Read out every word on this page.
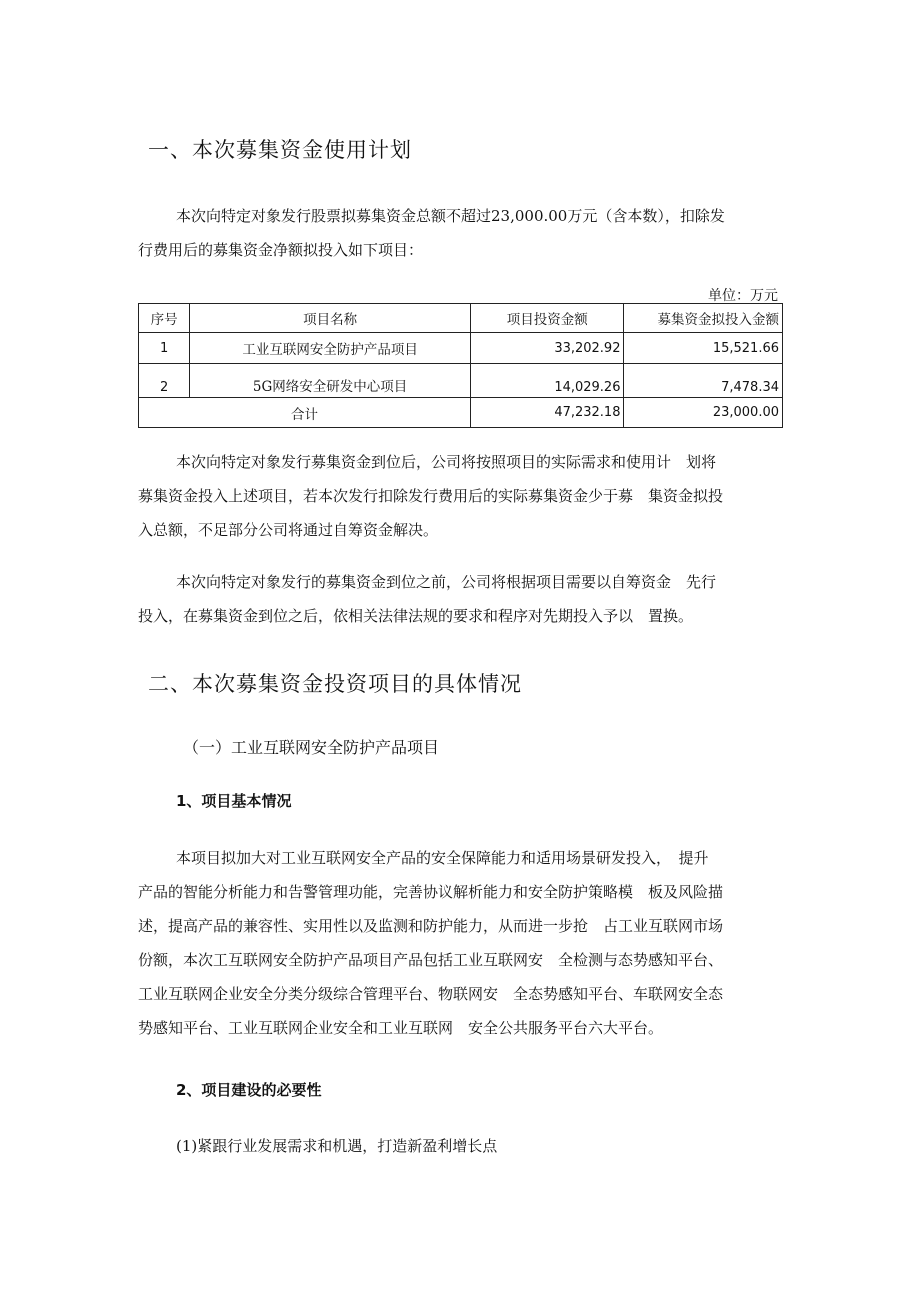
一、本次募集资金使用计划
本次向特定对象发行股票拟募集资金总额不超过23,000.00万元（含本数），扣除发
行费用后的募集资金净额拟投入如下项目：
单位：万元
序号	项目名称	项目投资金额	募集资金拟投入金额
1	工业互联网安全防护产品项目	33,202.92	15,521.66
2	5G网络安全研发中心项目	14,029.26	7,478.34
合计		47,232.18	23,000.00
本次向特定对象发行募集资金到位后，公司将按照项目的实际需求和使用计　划将
募集资金投入上述项目，若本次发行扣除发行费用后的实际募集资金少于募　集资金拟投
入总额，不足部分公司将通过自筹资金解决。
本次向特定对象发行的募集资金到位之前，公司将根据项目需要以自筹资金　先行
投入，在募集资金到位之后，依相关法律法规的要求和程序对先期投入予以　置换。
二、本次募集资金投资项目的具体情况
（一）工业互联网安全防护产品项目
1、项目基本情况
本项目拟加大对工业互联网安全产品的安全保障能力和适用场景研发投入，　提升
产品的智能分析能力和告警管理功能，完善协议解析能力和安全防护策略模　板及风险描
述，提高产品的兼容性、实用性以及监测和防护能力，从而进一步抢　占工业互联网市场
份额，本次工互联网安全防护产品项目产品包括工业互联网安　全检测与态势感知平台、
工业互联网企业安全分类分级综合管理平台、物联网安　全态势感知平台、车联网安全态
势感知平台、工业互联网企业安全和工业互联网　安全公共服务平台六大平台。
2、项目建设的必要性
(1)紧跟行业发展需求和机遇，打造新盈利增长点
